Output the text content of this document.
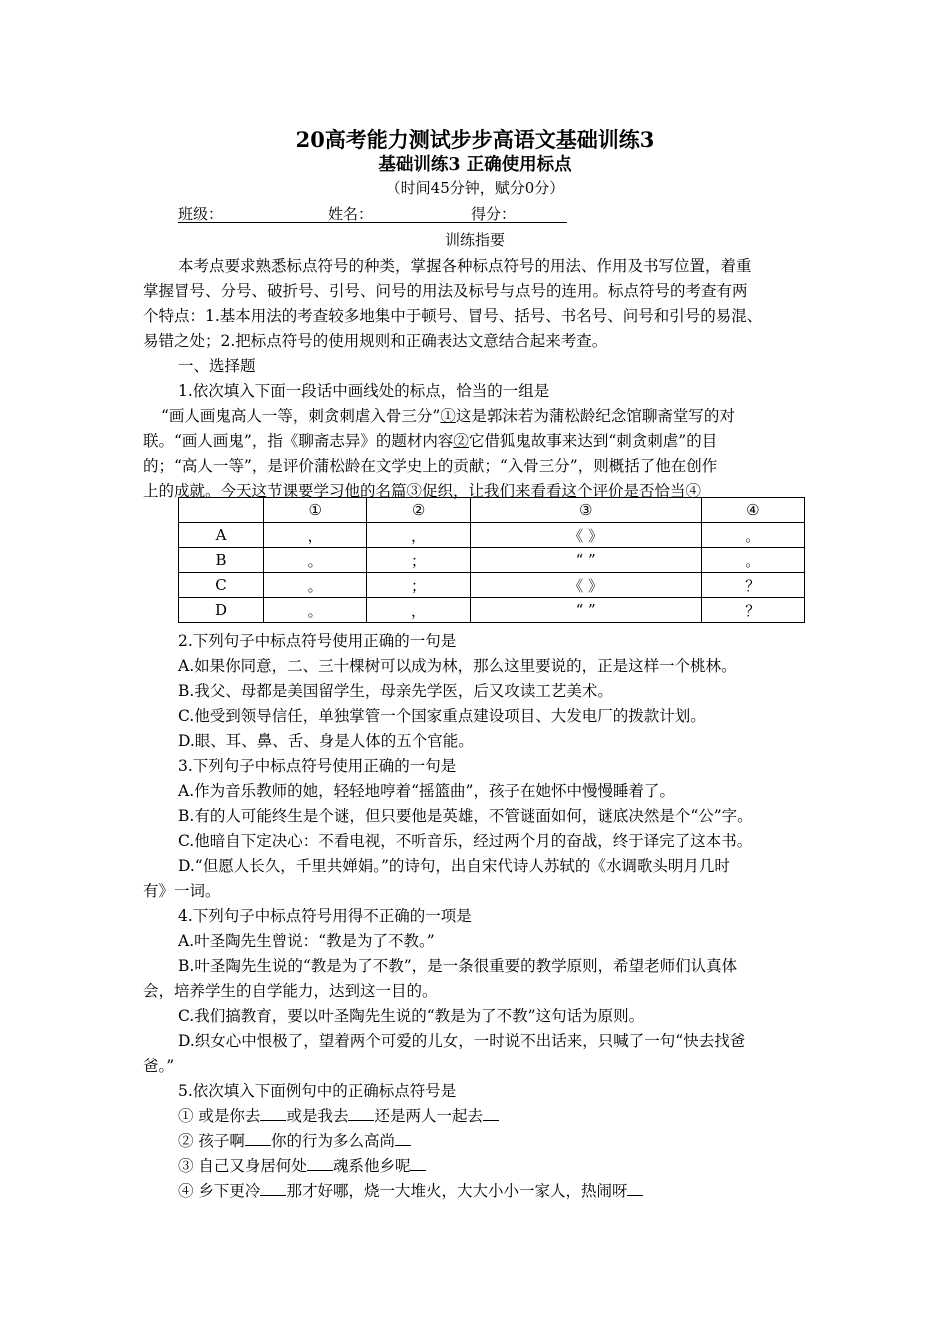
20高考能力测试步步高语文基础训练3
基础训练3 正确使用标点
（时间45分钟，赋分0分）
班级：	姓名：	得分：
训练指要
本考点要求熟悉标点符号的种类，掌握各种标点符号的用法、作用及书写位置，着重
掌握冒号、分号、破折号、引号、问号的用法及标号与点号的连用。标点符号的考查有两
个特点：1.基本用法的考查较多地集中于顿号、冒号、括号、书名号、问号和引号的易混、
易错之处；2.把标点符号的使用规则和正确表达文意结合起来考查。
一、选择题
1.依次填入下面一段话中画线处的标点，恰当的一组是
“画人画鬼高人一等，刺贪刺虐入骨三分”①这是郭沫若为蒲松龄纪念馆聊斋堂写的对
联。“画人画鬼”，指《聊斋志异》的题材内容②它借狐鬼故事来达到“刺贪刺虐”的目
的；“高人一等”，是评价蒲松龄在文学史上的贡献；“入骨三分”，则概括了他在创作
上的成就。今天这节课要学习他的名篇③促织，让我们来看看这个评价是否恰当④
	①	②	③	④
A	，	，	《 》	。
B	。	；	“ ”	。
C	。	；	《 》	？
D	。	，	“ ”	？
2.下列句子中标点符号使用正确的一句是
A.如果你同意，二、三十棵树可以成为林，那么这里要说的，正是这样一个桃林。
B.我父、母都是美国留学生，母亲先学医，后又攻读工艺美术。
C.他受到领导信任，单独掌管一个国家重点建设项目、大发电厂的拨款计划。
D.眼、耳、鼻、舌、身是人体的五个官能。
3.下列句子中标点符号使用正确的一句是
A.作为音乐教师的她，轻轻地哼着“摇篮曲”，孩子在她怀中慢慢睡着了。
B.有的人可能终生是个谜，但只要他是英雄，不管谜面如何，谜底决然是个“公”字。
C.他暗自下定决心：不看电视，不听音乐，经过两个月的奋战，终于译完了这本书。
D.“但愿人长久，千里共婵娟。”的诗句，出自宋代诗人苏轼的《水调歌头明月几时
有》一词。
4.下列句子中标点符号用得不正确的一项是
A.叶圣陶先生曾说：“教是为了不教。”
B.叶圣陶先生说的“教是为了不教”，是一条很重要的教学原则，希望老师们认真体
会，培养学生的自学能力，达到这一目的。
C.我们搞教育，要以叶圣陶先生说的“教是为了不教”这句话为原则。
D.织女心中恨极了，望着两个可爱的儿女，一时说不出话来，只喊了一句“快去找爸
爸。”
5.依次填入下面例句中的正确标点符号是
① 或是你去 或是我去 还是两人一起去
② 孩子啊 你的行为多么高尚
③ 自己又身居何处 魂系他乡呢
④ 乡下更冷 那才好哪，烧一大堆火，大大小小一家人，热闹呀
